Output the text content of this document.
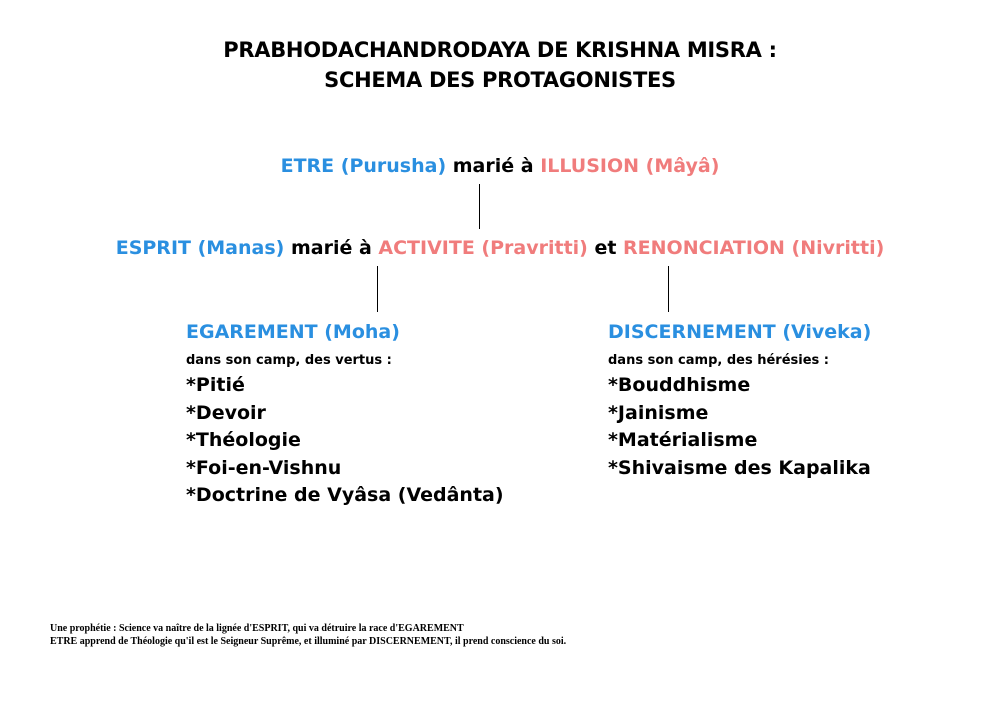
PRABHODACHANDRODAYA DE KRISHNA MISRA :
SCHEMA DES PROTAGONISTES
ETRE (Purusha) marié à ILLUSION (Mâyâ)
ESPRIT (Manas) marié à ACTIVITE (Pravritti) et RENONCIATION (Nivritti)
EGAREMENT (Moha)
dans son camp, des vertus :
*Pitié
*Devoir
*Théologie
*Foi-en-Vishnu
*Doctrine de Vyâsa (Vedânta)
DISCERNEMENT (Viveka)
dans son camp, des hérésies :
*Bouddhisme
*Jainisme
*Matérialisme
*Shivaisme des Kapalika
Une prophétie : Science va naître de la lignée d'ESPRIT, qui va détruire la race d'EGAREMENT
ETRE apprend de Théologie qu'il est le Seigneur Suprême, et illuminé par DISCERNEMENT, il prend conscience du soi.
